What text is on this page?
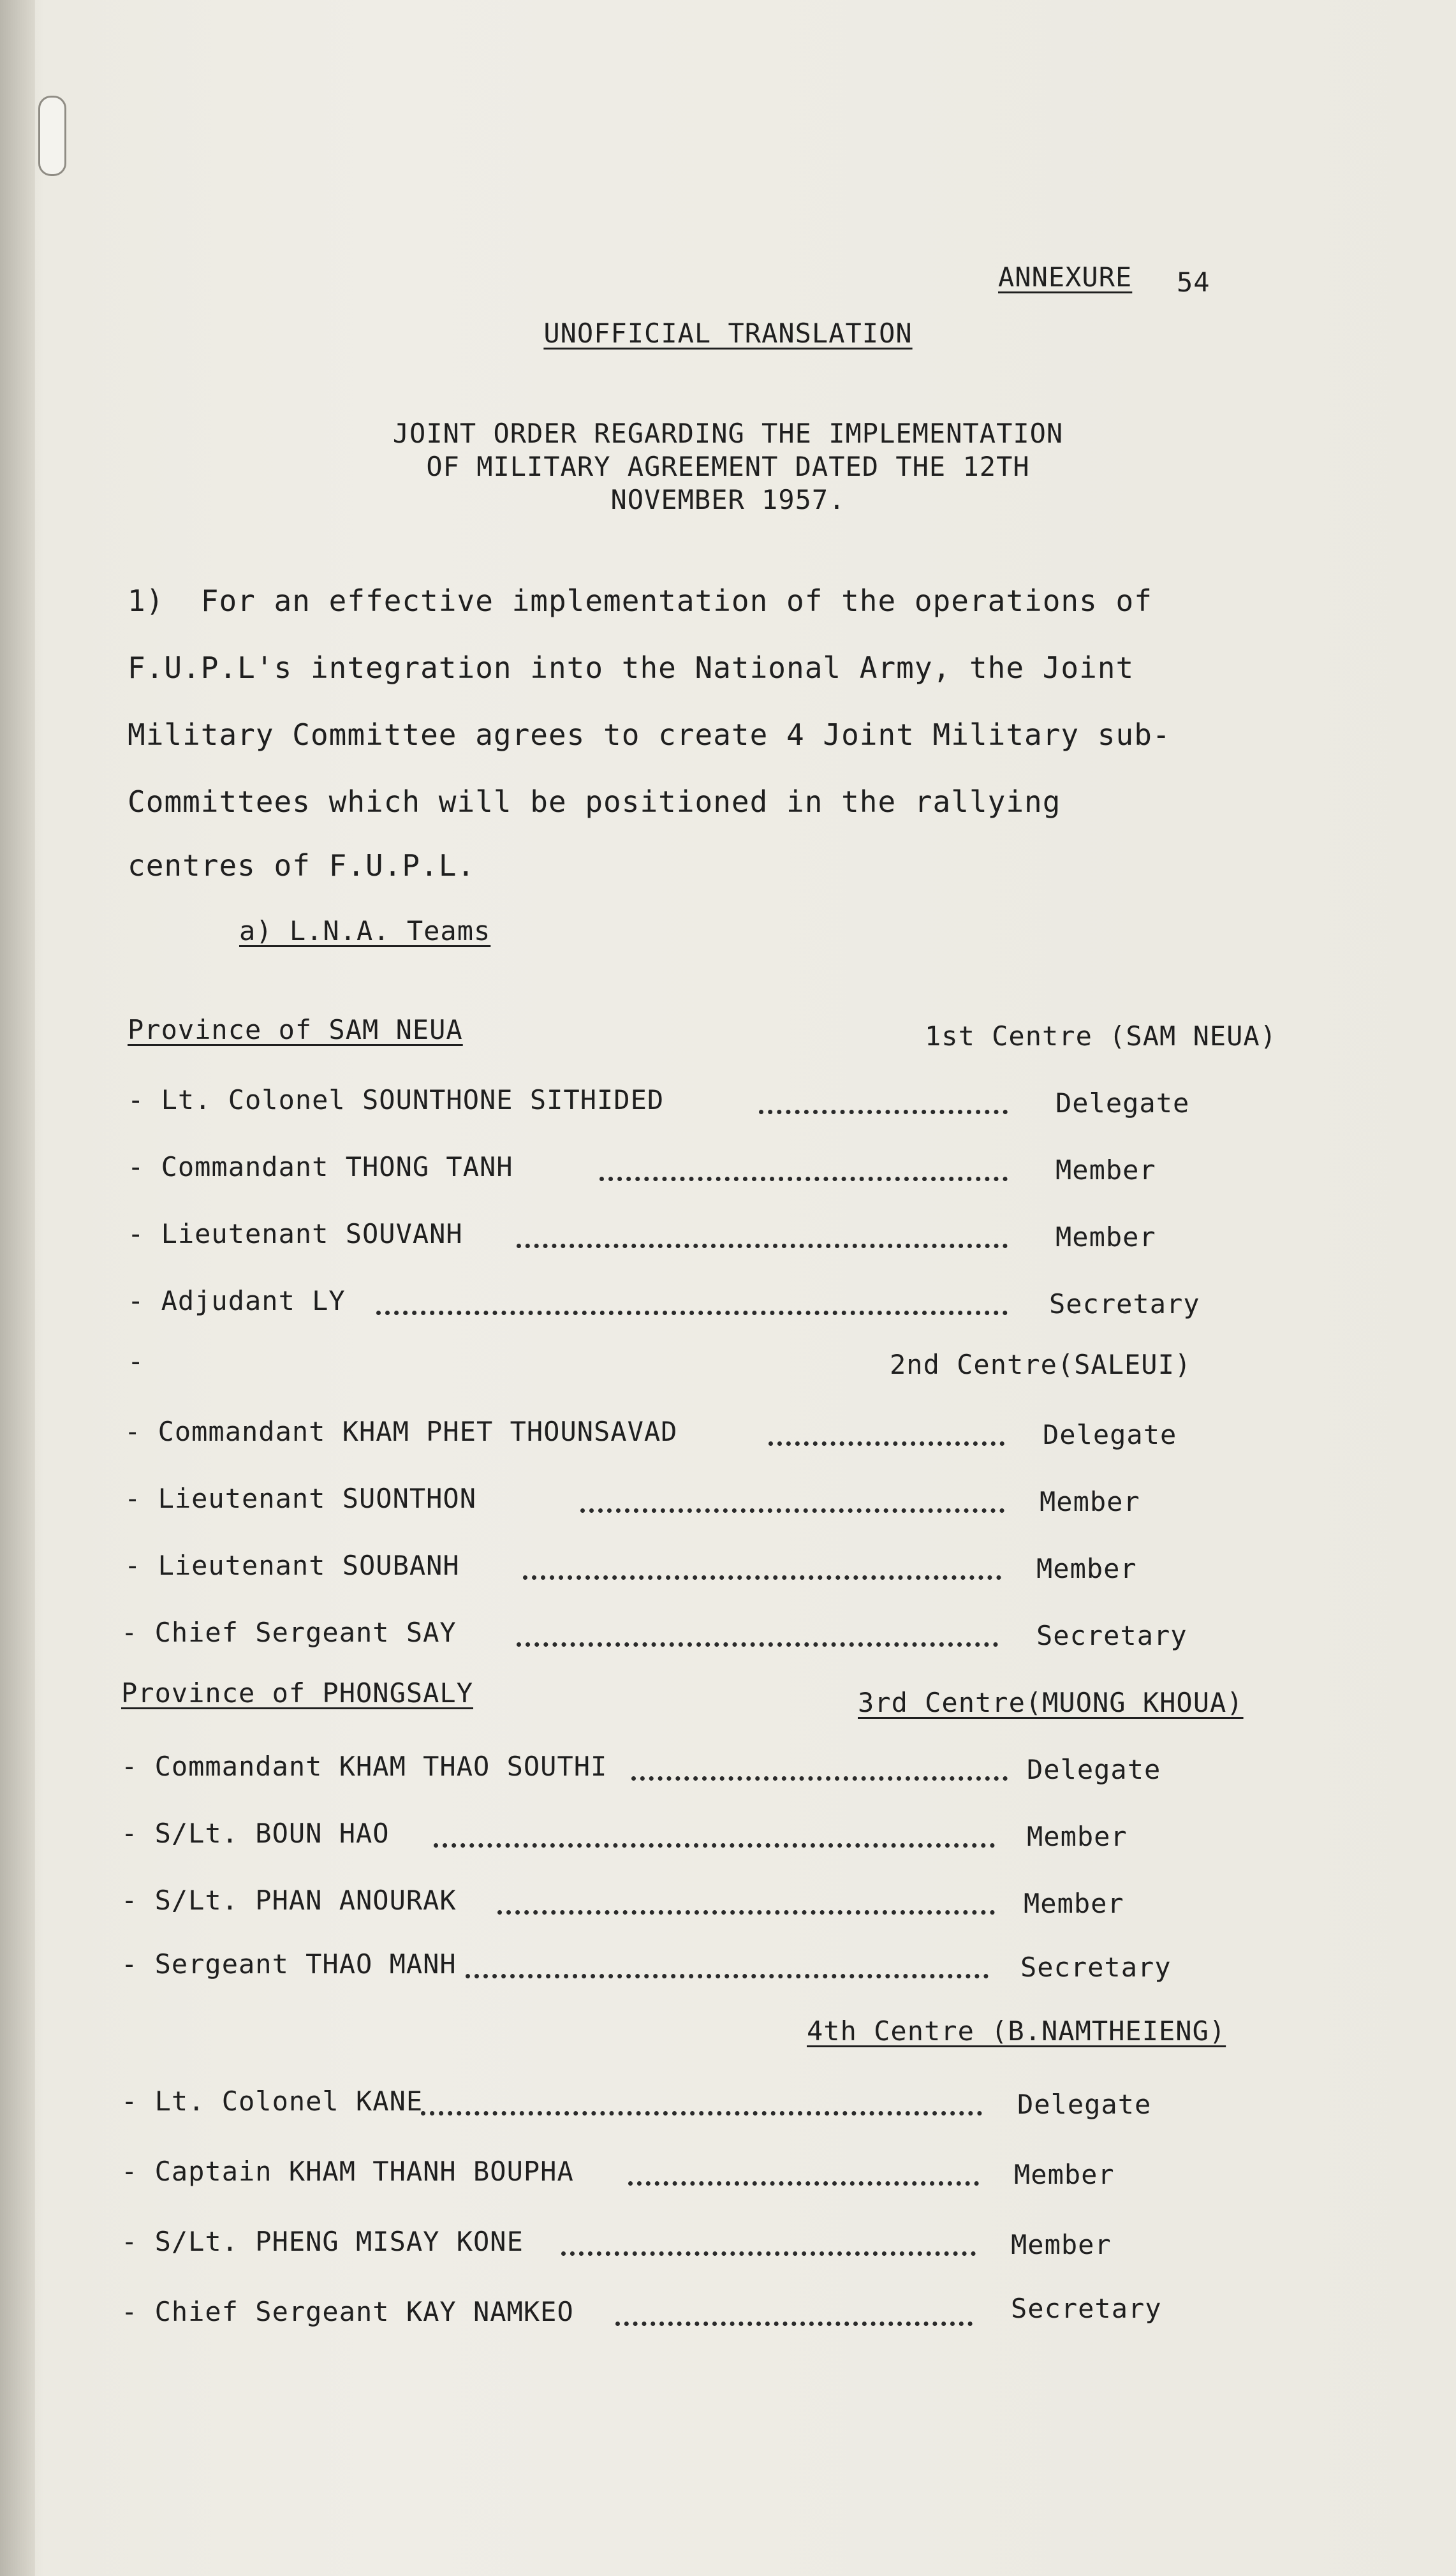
ANNEXURE 54
UNOFFICIAL TRANSLATION
JOINT ORDER REGARDING THE IMPLEMENTATION
OF MILITARY AGREEMENT DATED THE 12TH
NOVEMBER 1957.
1)  For an effective implementation of the operations of
F.U.P.L's integration into the National Army, the Joint
Military Committee agrees to create 4 Joint Military sub-
Committees which will be positioned in the rallying
centres of F.U.P.L.
a) L.N.A. Teams
Province of SAM NEUA	1st Centre (SAM NEUA)
- Lt. Colonel SOUNTHONE SITHIDED	Delegate
- Commandant THONG TANH	Member
- Lieutenant SOUVANH	Member
- Adjudant LY	Secretary
-	2nd Centre(SALEUI)
- Commandant KHAM PHET THOUNSAVAD	Delegate
- Lieutenant SUONTHON	Member
- Lieutenant SOUBANH	Member
- Chief Sergeant SAY	Secretary
Province of PHONGSALY	3rd Centre(MUONG KHOUA)
- Commandant KHAM THAO SOUTHI	Delegate
- S/Lt. BOUN HAO	Member
- S/Lt. PHAN ANOURAK	Member
- Sergeant THAO MANH	Secretary
4th Centre (B.NAMTHEIENG)
- Lt. Colonel KANE	Delegate
- Captain KHAM THANH BOUPHA	Member
- S/Lt. PHENG MISAY KONE	Member
- Chief Sergeant KAY NAMKEO	Secretary
